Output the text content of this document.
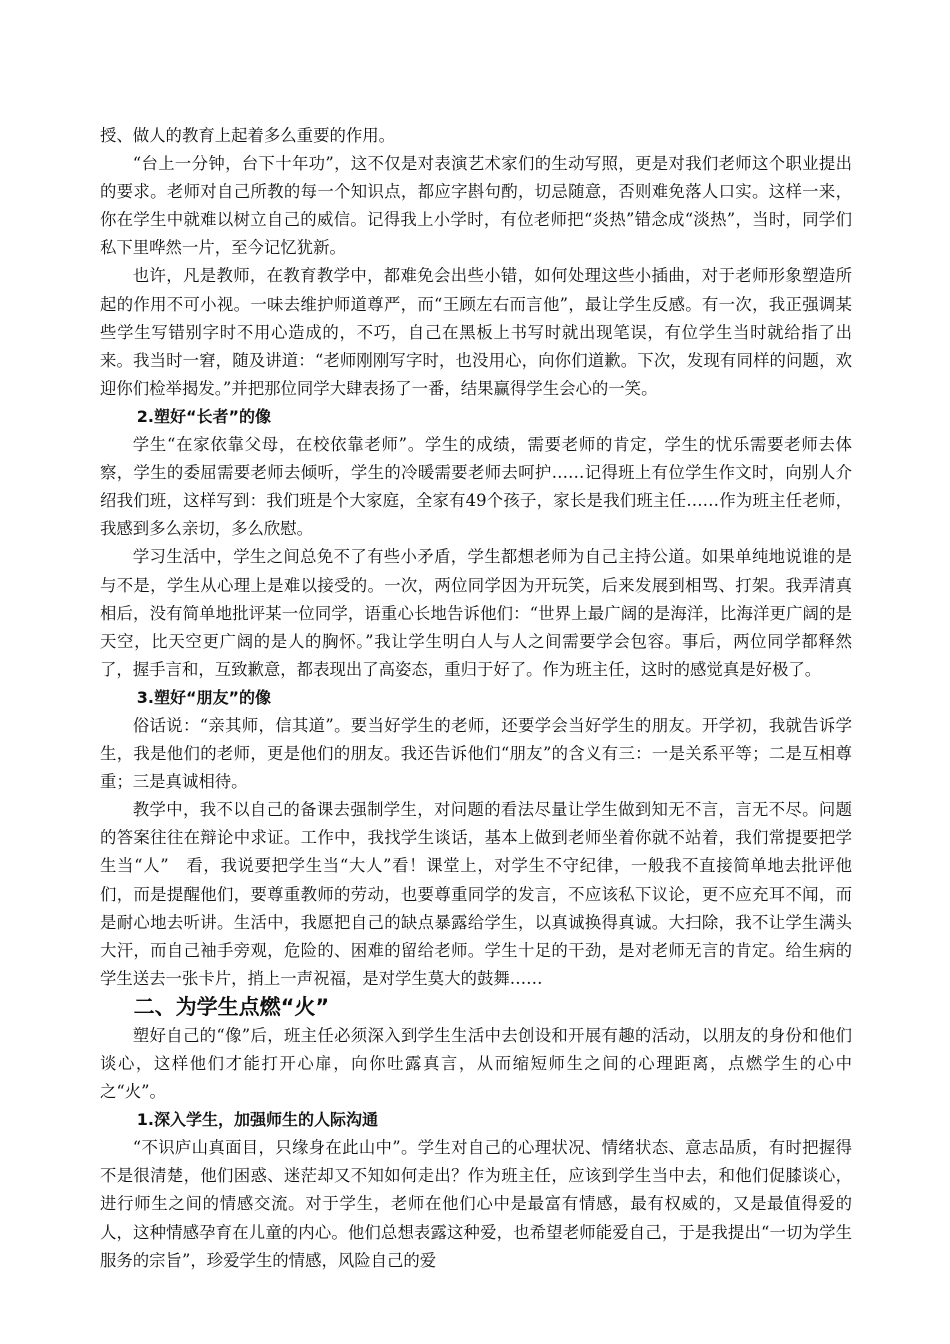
授、做人的教育上起着多么重要的作用。

“台上一分钟，台下十年功”，这不仅是对表演艺术家们的生动写照，更是对我们老师这个职业提出的要求。老师对自己所教的每一个知识点，都应字斟句酌，切忌随意，否则难免落人口实。这样一来，你在学生中就难以树立自己的威信。记得我上小学时，有位老师把“炎热”错念成“淡热”，当时，同学们私下里哗然一片，至今记忆犹新。

也许，凡是教师，在教育教学中，都难免会出些小错，如何处理这些小插曲，对于老师形象塑造所起的作用不可小视。一味去维护师道尊严，而“王顾左右而言他”，最让学生反感。有一次，我正强调某些学生写错别字时不用心造成的，不巧，自己在黑板上书写时就出现笔误，有位学生当时就给指了出来。我当时一窘，随及讲道：“老师刚刚写字时，也没用心，向你们道歉。下次，发现有同样的问题，欢迎你们检举揭发。”并把那位同学大肆表扬了一番，结果赢得学生会心的一笑。

2.塑好“长者”的像

学生“在家依靠父母，在校依靠老师”。学生的成绩，需要老师的肯定，学生的忧乐需要老师去体察，学生的委屈需要老师去倾听，学生的冷暖需要老师去呵护……记得班上有位学生作文时，向别人介绍我们班，这样写到：我们班是个大家庭，全家有49个孩子，家长是我们班主任……作为班主任老师，我感到多么亲切，多么欣慰。

学习生活中，学生之间总免不了有些小矛盾，学生都想老师为自己主持公道。如果单纯地说谁的是与不是，学生从心理上是难以接受的。一次，两位同学因为开玩笑，后来发展到相骂、打架。我弄清真相后，没有简单地批评某一位同学，语重心长地告诉他们：“世界上最广阔的是海洋，比海洋更广阔的是天空，比天空更广阔的是人的胸怀。”我让学生明白人与人之间需要学会包容。事后，两位同学都释然了，握手言和，互致歉意，都表现出了高姿态，重归于好了。作为班主任，这时的感觉真是好极了。

3.塑好“朋友”的像

俗话说：“亲其师，信其道”。要当好学生的老师，还要学会当好学生的朋友。开学初，我就告诉学生，我是他们的老师，更是他们的朋友。我还告诉他们“朋友”的含义有三：一是关系平等；二是互相尊重；三是真诚相待。

教学中，我不以自己的备课去强制学生，对问题的看法尽量让学生做到知无不言，言无不尽。问题的答案往往在辩论中求证。工作中，我找学生谈话，基本上做到老师坐着你就不站着，我们常提要把学生当“人”　看，我说要把学生当“大人”看！课堂上，对学生不守纪律，一般我不直接简单地去批评他们，而是提醒他们，要尊重教师的劳动，也要尊重同学的发言，不应该私下议论，更不应充耳不闻，而是耐心地去听讲。生活中，我愿把自己的缺点暴露给学生，以真诚换得真诚。大扫除，我不让学生满头大汗，而自己袖手旁观，危险的、困难的留给老师。学生十足的干劲，是对老师无言的肯定。给生病的学生送去一张卡片，捎上一声祝福，是对学生莫大的鼓舞……

二、为学生点燃“火”

塑好自己的“像”后，班主任必须深入到学生生活中去创设和开展有趣的活动，以朋友的身份和他们谈心，这样他们才能打开心扉，向你吐露真言，从而缩短师生之间的心理距离，点燃学生的心中之“火”。

1.深入学生，加强师生的人际沟通

“不识庐山真面目，只缘身在此山中”。学生对自己的心理状况、情绪状态、意志品质，有时把握得不是很清楚，他们困惑、迷茫却又不知如何走出？作为班主任，应该到学生当中去，和他们促膝谈心，进行师生之间的情感交流。对于学生，老师在他们心中是最富有情感，最有权威的，又是最值得爱的人，这种情感孕育在儿童的内心。他们总想表露这种爱，也希望老师能爱自己，于是我提出“一切为学生服务的宗旨”，珍爱学生的情感，风险自己的爱
